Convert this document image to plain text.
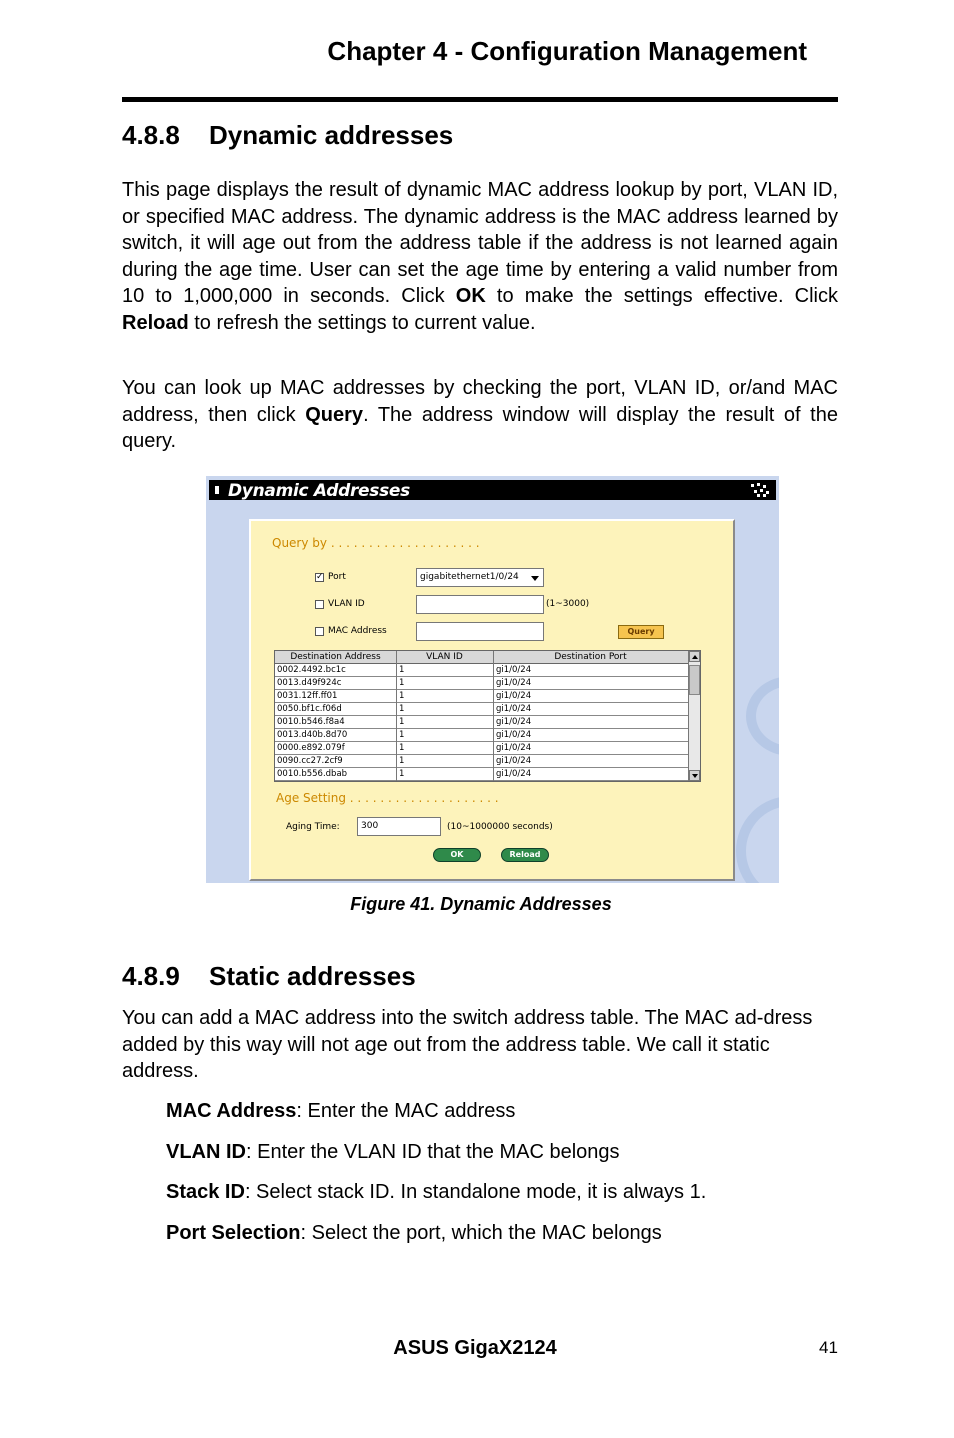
Chapter 4 - Configuration Management
4.8.8 Dynamic addresses

This page displays the result of dynamic MAC address lookup by port, VLAN ID, or specified MAC address. The dynamic address is the MAC address learned by switch, it will age out from the address table if the address is not learned again during the age time. User can set the age time by entering a valid number from 10 to 1,000,000 in seconds. Click OK to make the settings effective. Click Reload to refresh the settings to current value.

You can look up MAC addresses by checking the port, VLAN ID, or/and MAC address, then click Query. The address window will display the result of the query.

Dynamic Addresses
Query by . . . . . . . . . . . . . . . . . . . .
✓ Port	gigabitethernet1/0/24
VLAN ID	(1~3000)
MAC Address	Query
Destination Address	VLAN ID	Destination Port
0002.4492.bc1c	1	gi1/0/24
0013.d49f924c	1	gi1/0/24
0031.12ff.ff01	1	gi1/0/24
0050.bf1c.f06d	1	gi1/0/24
0010.b546.f8a4	1	gi1/0/24
0013.d40b.8d70	1	gi1/0/24
0000.e892.079f	1	gi1/0/24
0090.cc27.2cf9	1	gi1/0/24
0010.b556.dbab	1	gi1/0/24
Age Setting . . . . . . . . . . . . . . . . . . . .
Aging Time: 300	(10~1000000 seconds)
OK	Reload
Figure 41. Dynamic Addresses
4.8.9 Static addresses

You can add a MAC address into the switch address table. The MAC ad-dress added by this way will not age out from the address table. We call it static address.

MAC Address: Enter the MAC address
VLAN ID: Enter the VLAN ID that the MAC belongs
Stack ID: Select stack ID. In standalone mode, it is always 1.
Port Selection: Select the port, which the MAC belongs
ASUS GigaX2124	41
